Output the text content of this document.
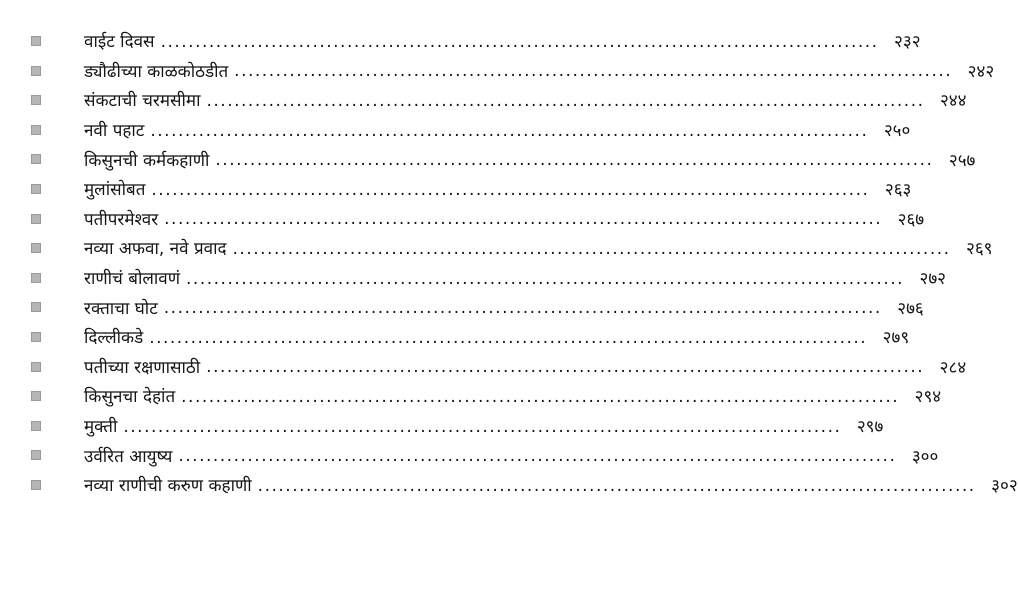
वाईट दिवस ........................................................................................................ २३२
ड्यौढीच्या काळकोठडीत ........................................................................................................ २४२
संकटाची चरमसीमा ........................................................................................................ २४४
नवी पहाट ........................................................................................................ २५०
किसुनची कर्मकहाणी ........................................................................................................ २५७
मुलांसोबत ........................................................................................................ २६३
पतीपरमेश्वर ........................................................................................................ २६७
नव्या अफवा, नवे प्रवाद ........................................................................................................ २६९
राणीचं बोलावणं ........................................................................................................ २७२
रक्ताचा घोट ........................................................................................................ २७६
दिल्लीकडे ........................................................................................................ २७९
पतीच्या रक्षणासाठी ........................................................................................................ २८४
किसुनचा देहांत ........................................................................................................ २९४
मुक्ती ........................................................................................................ २९७
उर्वरित आयुष्य ........................................................................................................ ३००
नव्या राणीची करुण कहाणी ........................................................................................................ ३०२
